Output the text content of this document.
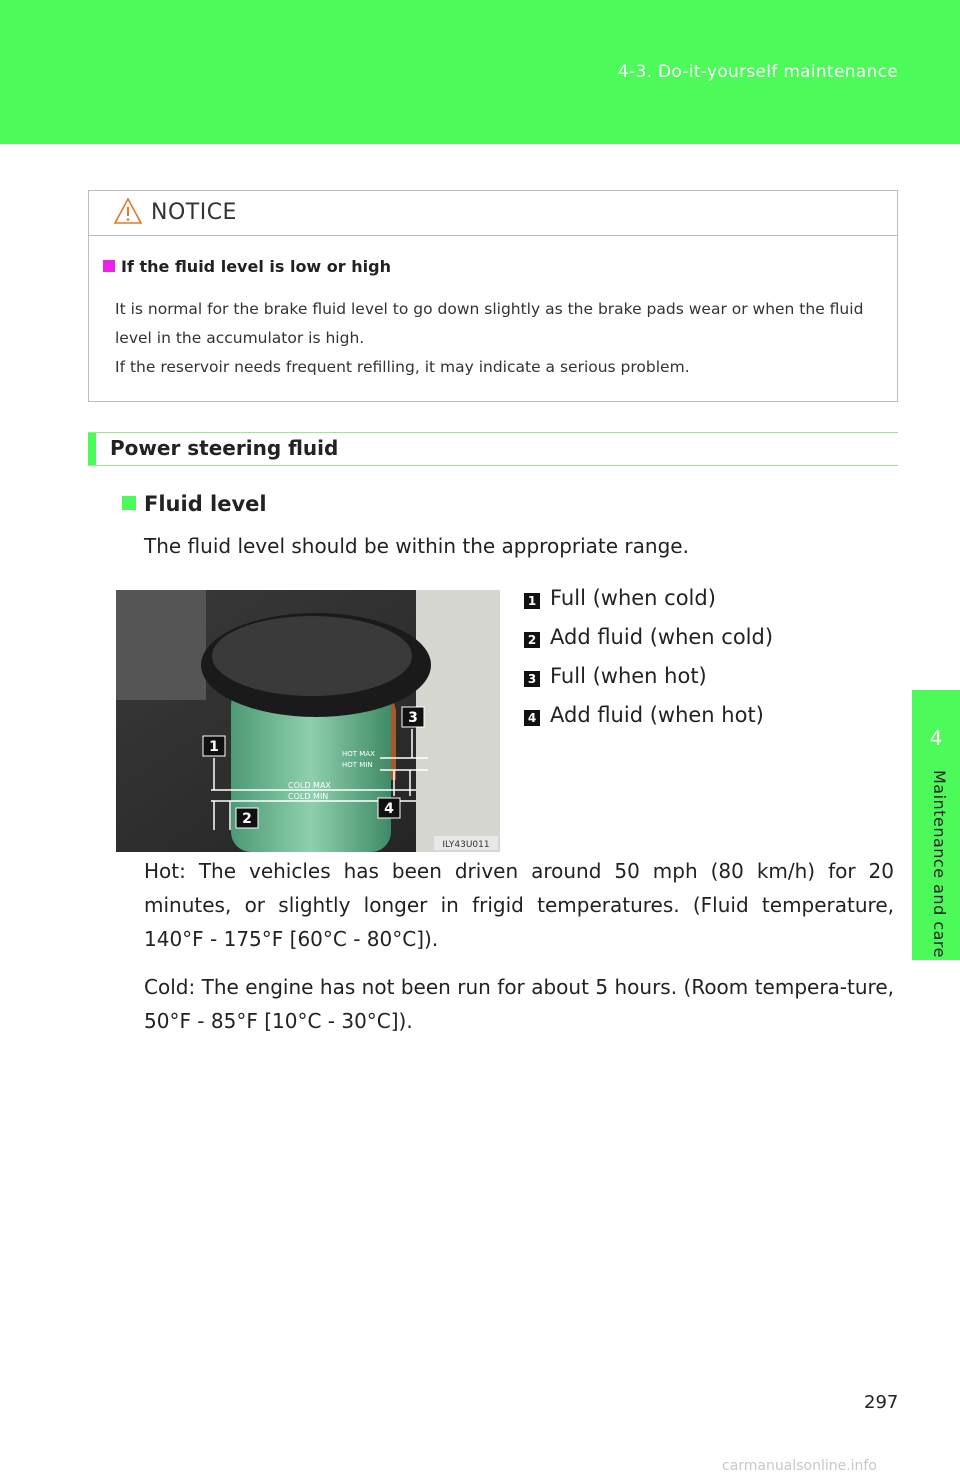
4-3. Do-it-yourself maintenance
4
Maintenance and care
NOTICE
If the fluid level is low or high
It is normal for the brake fluid level to go down slightly as the brake pads wear or when the fluid level in the accumulator is high.
If the reservoir needs frequent refilling, it may indicate a serious problem.
Power steering fluid
Fluid level
The fluid level should be within the appropriate range.
COLD MAX
COLD MIN
HOT MAX
HOT MIN
1
2
3
4
ILY43U011
1 Full (when cold)
2 Add fluid (when cold)
3 Full (when hot)
4 Add fluid (when hot)
Hot: The vehicles has been driven around 50 mph (80 km/h) for 20 minutes, or slightly longer in frigid temperatures. (Fluid temperature, 140°F - 175°F [60°C - 80°C]).
Cold: The engine has not been run for about 5 hours. (Room tempera-ture, 50°F - 85°F [10°C - 30°C]).
297
carmanualsonline.info
